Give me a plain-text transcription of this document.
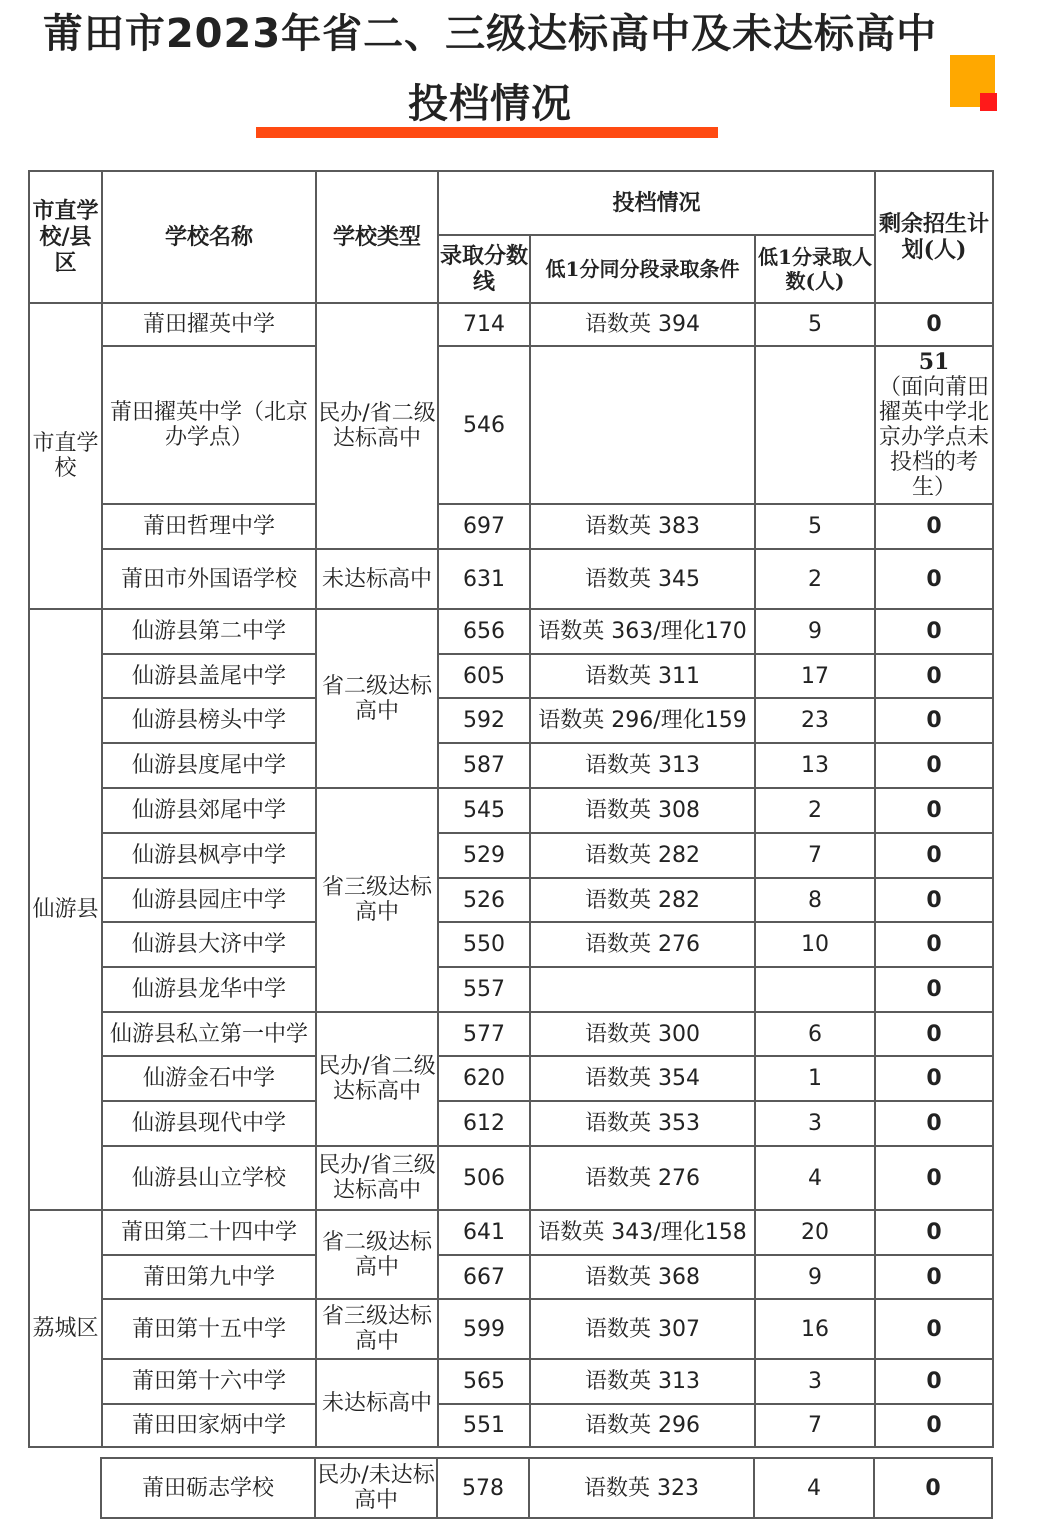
莆田市2023年省二、三级达标高中及未达标高中
投档情况
市直学校/县区	学校名称	学校类型	投档情况			剩余招生计划(人)
			录取分数线	低1分同分段录取条件	低1分录取人数(人)	
市直学校	莆田擢英中学	民办/省二级达标高中	714	语数英 394	5	0
	莆田擢英中学（北京办学点）		546			51
（面向莆田擢英中学北京办学点未投档的考生）
	莆田哲理中学		697	语数英 383	5	0
	莆田市外国语学校	未达标高中	631	语数英 345	2	0
仙游县	仙游县第二中学	省二级达标高中	656	语数英 363/理化170	9	0
	仙游县盖尾中学		605	语数英 311	17	0
	仙游县榜头中学		592	语数英 296/理化159	23	0
	仙游县度尾中学		587	语数英 313	13	0
	仙游县郊尾中学	省三级达标高中	545	语数英 308	2	0
	仙游县枫亭中学		529	语数英 282	7	0
	仙游县园庄中学		526	语数英 282	8	0
	仙游县大济中学		550	语数英 276	10	0
	仙游县龙华中学		557			0
	仙游县私立第一中学	民办/省二级达标高中	577	语数英 300	6	0
	仙游金石中学		620	语数英 354	1	0
	仙游县现代中学		612	语数英 353	3	0
	仙游县山立学校	民办/省三级达标高中	506	语数英 276	4	0
荔城区	莆田第二十四中学	省二级达标高中	641	语数英 343/理化158	20	0
	莆田第九中学		667	语数英 368	9	0
	莆田第十五中学	省三级达标高中	599	语数英 307	16	0
	莆田第十六中学	未达标高中	565	语数英 313	3	0
	莆田田家炳中学		551	语数英 296	7	0
	莆田砺志学校	民办/未达标高中	578	语数英 323	4	0
